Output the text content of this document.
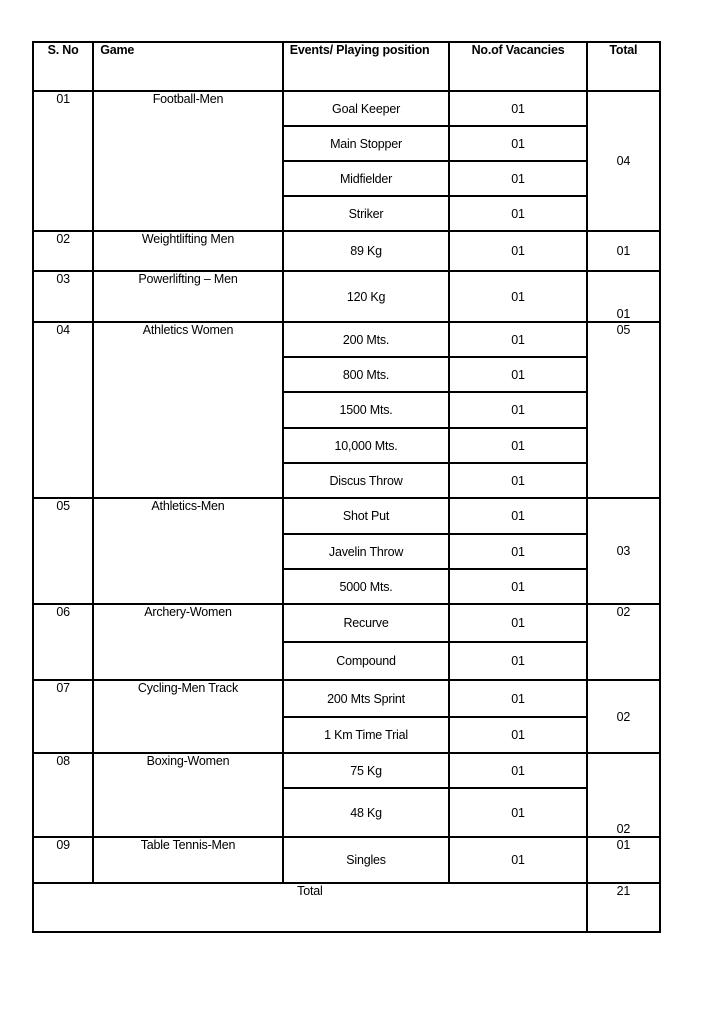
S. No	Game	Events/ Playing position	No.of Vacancies	Total
01	Football-Men	Goal Keeper	01	04
		Main Stopper	01	
		Midfielder	01	
		Striker	01	
02	Weightlifting Men	89 Kg	01	01
03	Powerlifting – Men	120 Kg	01	01
04	Athletics Women	200 Mts.	01	05
		800 Mts.	01	
		1500 Mts.	01	
		10,000 Mts.	01	
		Discus Throw	01	
05	Athletics-Men	Shot Put	01	03
		Javelin Throw	01	
		5000 Mts.	01	
06	Archery-Women	Recurve	01	02
		Compound	01	
07	Cycling-Men Track	200 Mts Sprint	01	02
		1 Km Time Trial	01	
08	Boxing-Women	75 Kg	01	02
		48 Kg	01	
09	Table Tennis-Men	Singles	01	01
Total				21
